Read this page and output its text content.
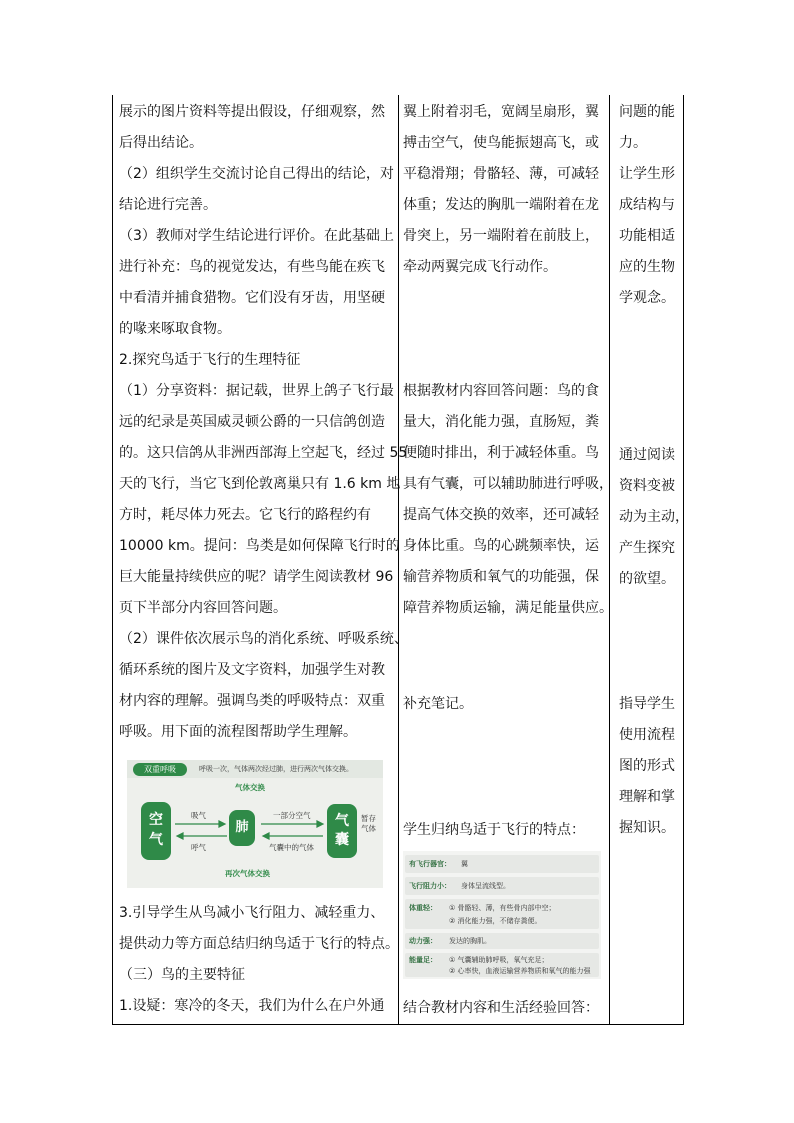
展示的图片资料等提出假设，仔细观察，然
后得出结论。
（2）组织学生交流讨论自己得出的结论，对
结论进行完善。
（3）教师对学生结论进行评价。在此基础上
进行补充：鸟的视觉发达，有些鸟能在疾飞
中看清并捕食猎物。它们没有牙齿，用坚硬
的喙来啄取食物。
2.探究鸟适于飞行的生理特征
（1）分享资料：据记载，世界上鸽子飞行最
远的纪录是英国威灵顿公爵的一只信鸽创造
的。这只信鸽从非洲西部海上空起飞，经过 55
天的飞行，当它飞到伦敦离巢只有 1.6 km 地
方时，耗尽体力死去。它飞行的路程约有
10000 km。提问：鸟类是如何保障飞行时的
巨大能量持续供应的呢？请学生阅读教材 96
页下半部分内容回答问题。
（2）课件依次展示鸟的消化系统、呼吸系统、
循环系统的图片及文字资料，加强学生对教
材内容的理解。强调鸟类的呼吸特点：双重
呼吸。用下面的流程图帮助学生理解。
双重呼吸	呼吸一次，气体两次经过肺，进行两次气体交换。
气体交换
空
气
肺	气
囊
暂存
气体
吸气
呼气
一部分空气
气囊中的气体
再次气体交换
3.引导学生从鸟减小飞行阻力、减轻重力、
提供动力等方面总结归纳鸟适于飞行的特点。
（三）鸟的主要特征
1.设疑：寒冷的冬天，我们为什么在户外通
翼上附着羽毛，宽阔呈扇形，翼
搏击空气，使鸟能振翅高飞，或
平稳滑翔；骨骼轻、薄，可减轻
体重；发达的胸肌一端附着在龙
骨突上，另一端附着在前肢上，
牵动两翼完成飞行动作。
根据教材内容回答问题：鸟的食
量大，消化能力强，直肠短，粪
便随时排出，利于减轻体重。鸟
具有气囊，可以辅助肺进行呼吸，
提高气体交换的效率，还可减轻
身体比重。鸟的心跳频率快，运
输营养物质和氧气的功能强，保
障营养物质运输，满足能量供应。
补充笔记。
学生归纳鸟适于飞行的特点：
有飞行器官： 翼
飞行阻力小： 身体呈流线型。
体重轻： ① 骨骼轻、薄，有些骨内部中空；
② 消化能力强，不储存粪便。
动力强： 发达的胸肌。
能量足： ① 气囊辅助肺呼吸，氧气充足；
② 心率快，血液运输营养物质和氧气的能力强
结合教材内容和生活经验回答：
问题的能
力。
让学生形
成结构与
功能相适
应的生物
学观念。
通过阅读
资料变被
动为主动，
产生探究
的欲望。
指导学生
使用流程
图的形式
理解和掌
握知识。
